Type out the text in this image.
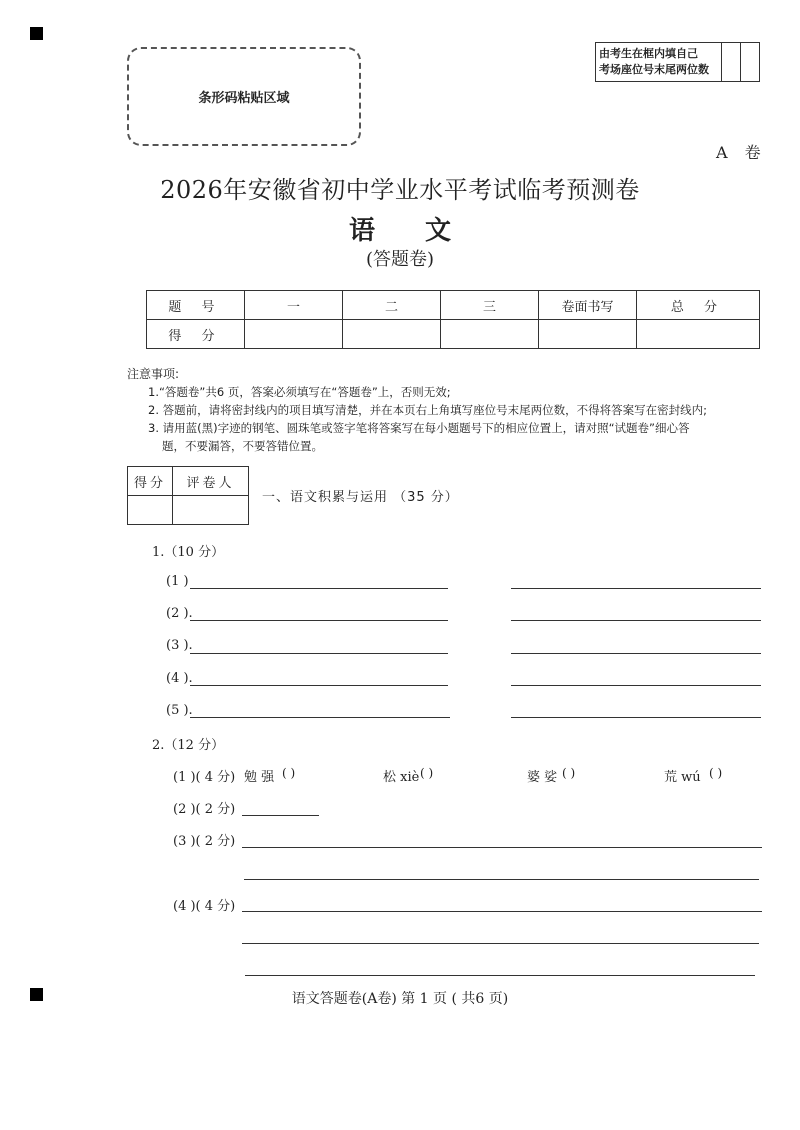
条形码粘贴区域
由考生在框内填自己
考场座位号末尾两位数
A 卷
2026年安徽省初中学业水平考试临考预测卷
语文
(答题卷)
题 号	一	二	三	卷面书写	总 分
得 分					
注意事项:
1.“答题卷”共6 页，答案必须填写在“答题卷”上，否则无效;
2. 答题前，请将密封线内的项目填写清楚，并在本页右上角填写座位号末尾两位数，不得将答案写在密封线内;
3. 请用蓝(黑)字迹的钢笔、圆珠笔或签字笔将答案写在每小题题号下的相应位置上，请对照“试题卷”细心答
题，不要漏答，不要答错位置。
得分	评卷人

一、语文积累与运用 （35 分）
1.（10 分）
(1 )
(2 ).
(3 ).
(4 ).
(5 ).
2.（12 分）
(1 )( 4 分) 勉 强 ( )	松 xiè ( )	婆 娑 ( )	荒 wú ( )
(2 )( 2 分)
(3 )( 2 分)
(4 )( 4 分)
语文答题卷(A卷) 第 1 页 ( 共6 页)
